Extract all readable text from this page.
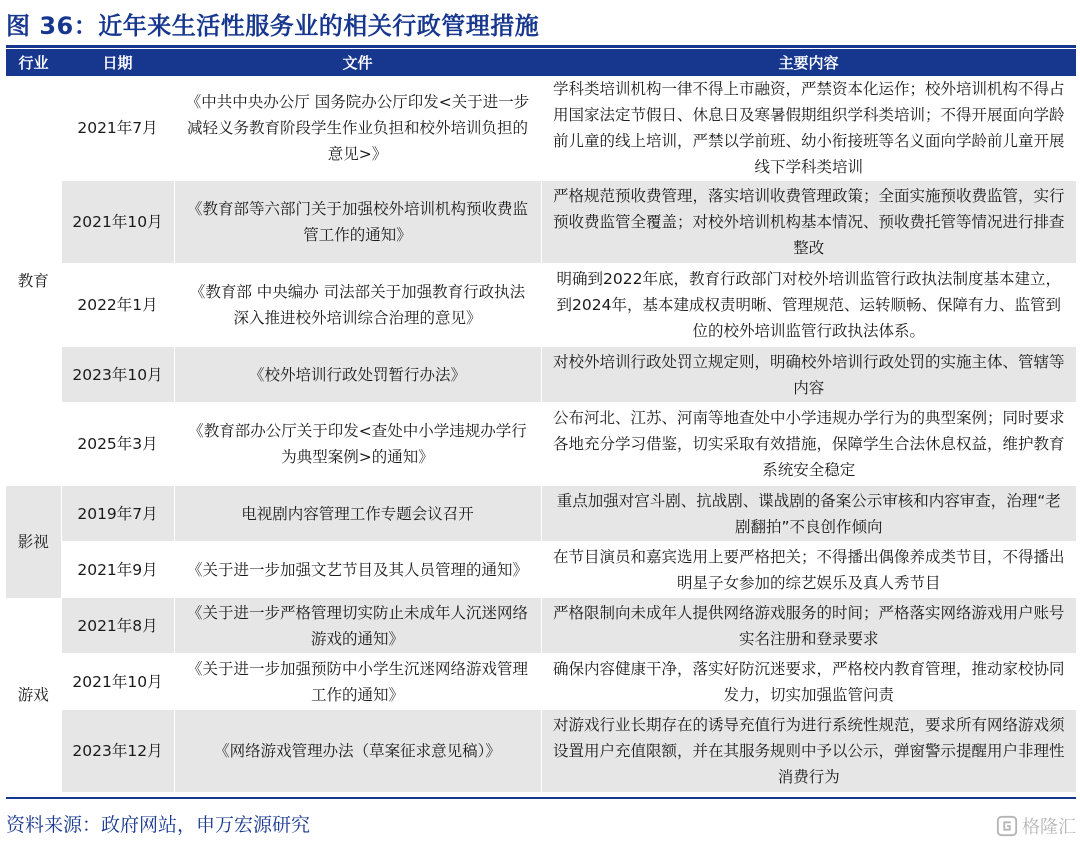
图 36：近年来生活性服务业的相关行政管理措施
行业	日期	文件	主要内容
教育	2021年7月	《中共中央办公厅 国务院办公厅印发<关于进一步减轻义务教育阶段学生作业负担和校外培训负担的意见>》	学科类培训机构一律不得上市融资，严禁资本化运作；校外培训机构不得占用国家法定节假日、休息日及寒暑假期组织学科类培训；不得开展面向学龄前儿童的线上培训，严禁以学前班、幼小衔接班等名义面向学龄前儿童开展线下学科类培训
	2021年10月	《教育部等六部门关于加强校外培训机构预收费监管工作的通知》	严格规范预收费管理，落实培训收费管理政策；全面实施预收费监管，实行预收费监管全覆盖；对校外培训机构基本情况、预收费托管等情况进行排查整改
	2022年1月	《教育部 中央编办 司法部关于加强教育行政执法 深入推进校外培训综合治理的意见》	明确到2022年底，教育行政部门对校外培训监管行政执法制度基本建立，到2024年，基本建成权责明晰、管理规范、运转顺畅、保障有力、监管到位的校外培训监管行政执法体系。
	2023年10月	《校外培训行政处罚暂行办法》	对校外培训行政处罚立规定则，明确校外培训行政处罚的实施主体、管辖等内容
	2025年3月	《教育部办公厅关于印发<查处中小学违规办学行为典型案例>的通知》	公布河北、江苏、河南等地查处中小学违规办学行为的典型案例；同时要求各地充分学习借鉴，切实采取有效措施，保障学生合法休息权益，维护教育系统安全稳定
影视	2019年7月	电视剧内容管理工作专题会议召开	重点加强对宫斗剧、抗战剧、谍战剧的备案公示审核和内容审查，治理“老剧翻拍”不良创作倾向
	2021年9月	《关于进一步加强文艺节目及其人员管理的通知》	在节目演员和嘉宾选用上要严格把关；不得播出偶像养成类节目，不得播出明星子女参加的综艺娱乐及真人秀节目
游戏	2021年8月	《关于进一步严格管理切实防止未成年人沉迷网络游戏的通知》	严格限制向未成年人提供网络游戏服务的时间；严格落实网络游戏用户账号实名注册和登录要求
	2021年10月	《关于进一步加强预防中小学生沉迷网络游戏管理工作的通知》	确保内容健康干净，落实好防沉迷要求，严格校内教育管理，推动家校协同发力，切实加强监管问责
	2023年12月	《网络游戏管理办法（草案征求意见稿）》	对游戏行业长期存在的诱导充值行为进行系统性规范，要求所有网络游戏须设置用户充值限额，并在其服务规则中予以公示，弹窗警示提醒用户非理性消费行为
资料来源：政府网站，申万宏源研究	格隆汇
